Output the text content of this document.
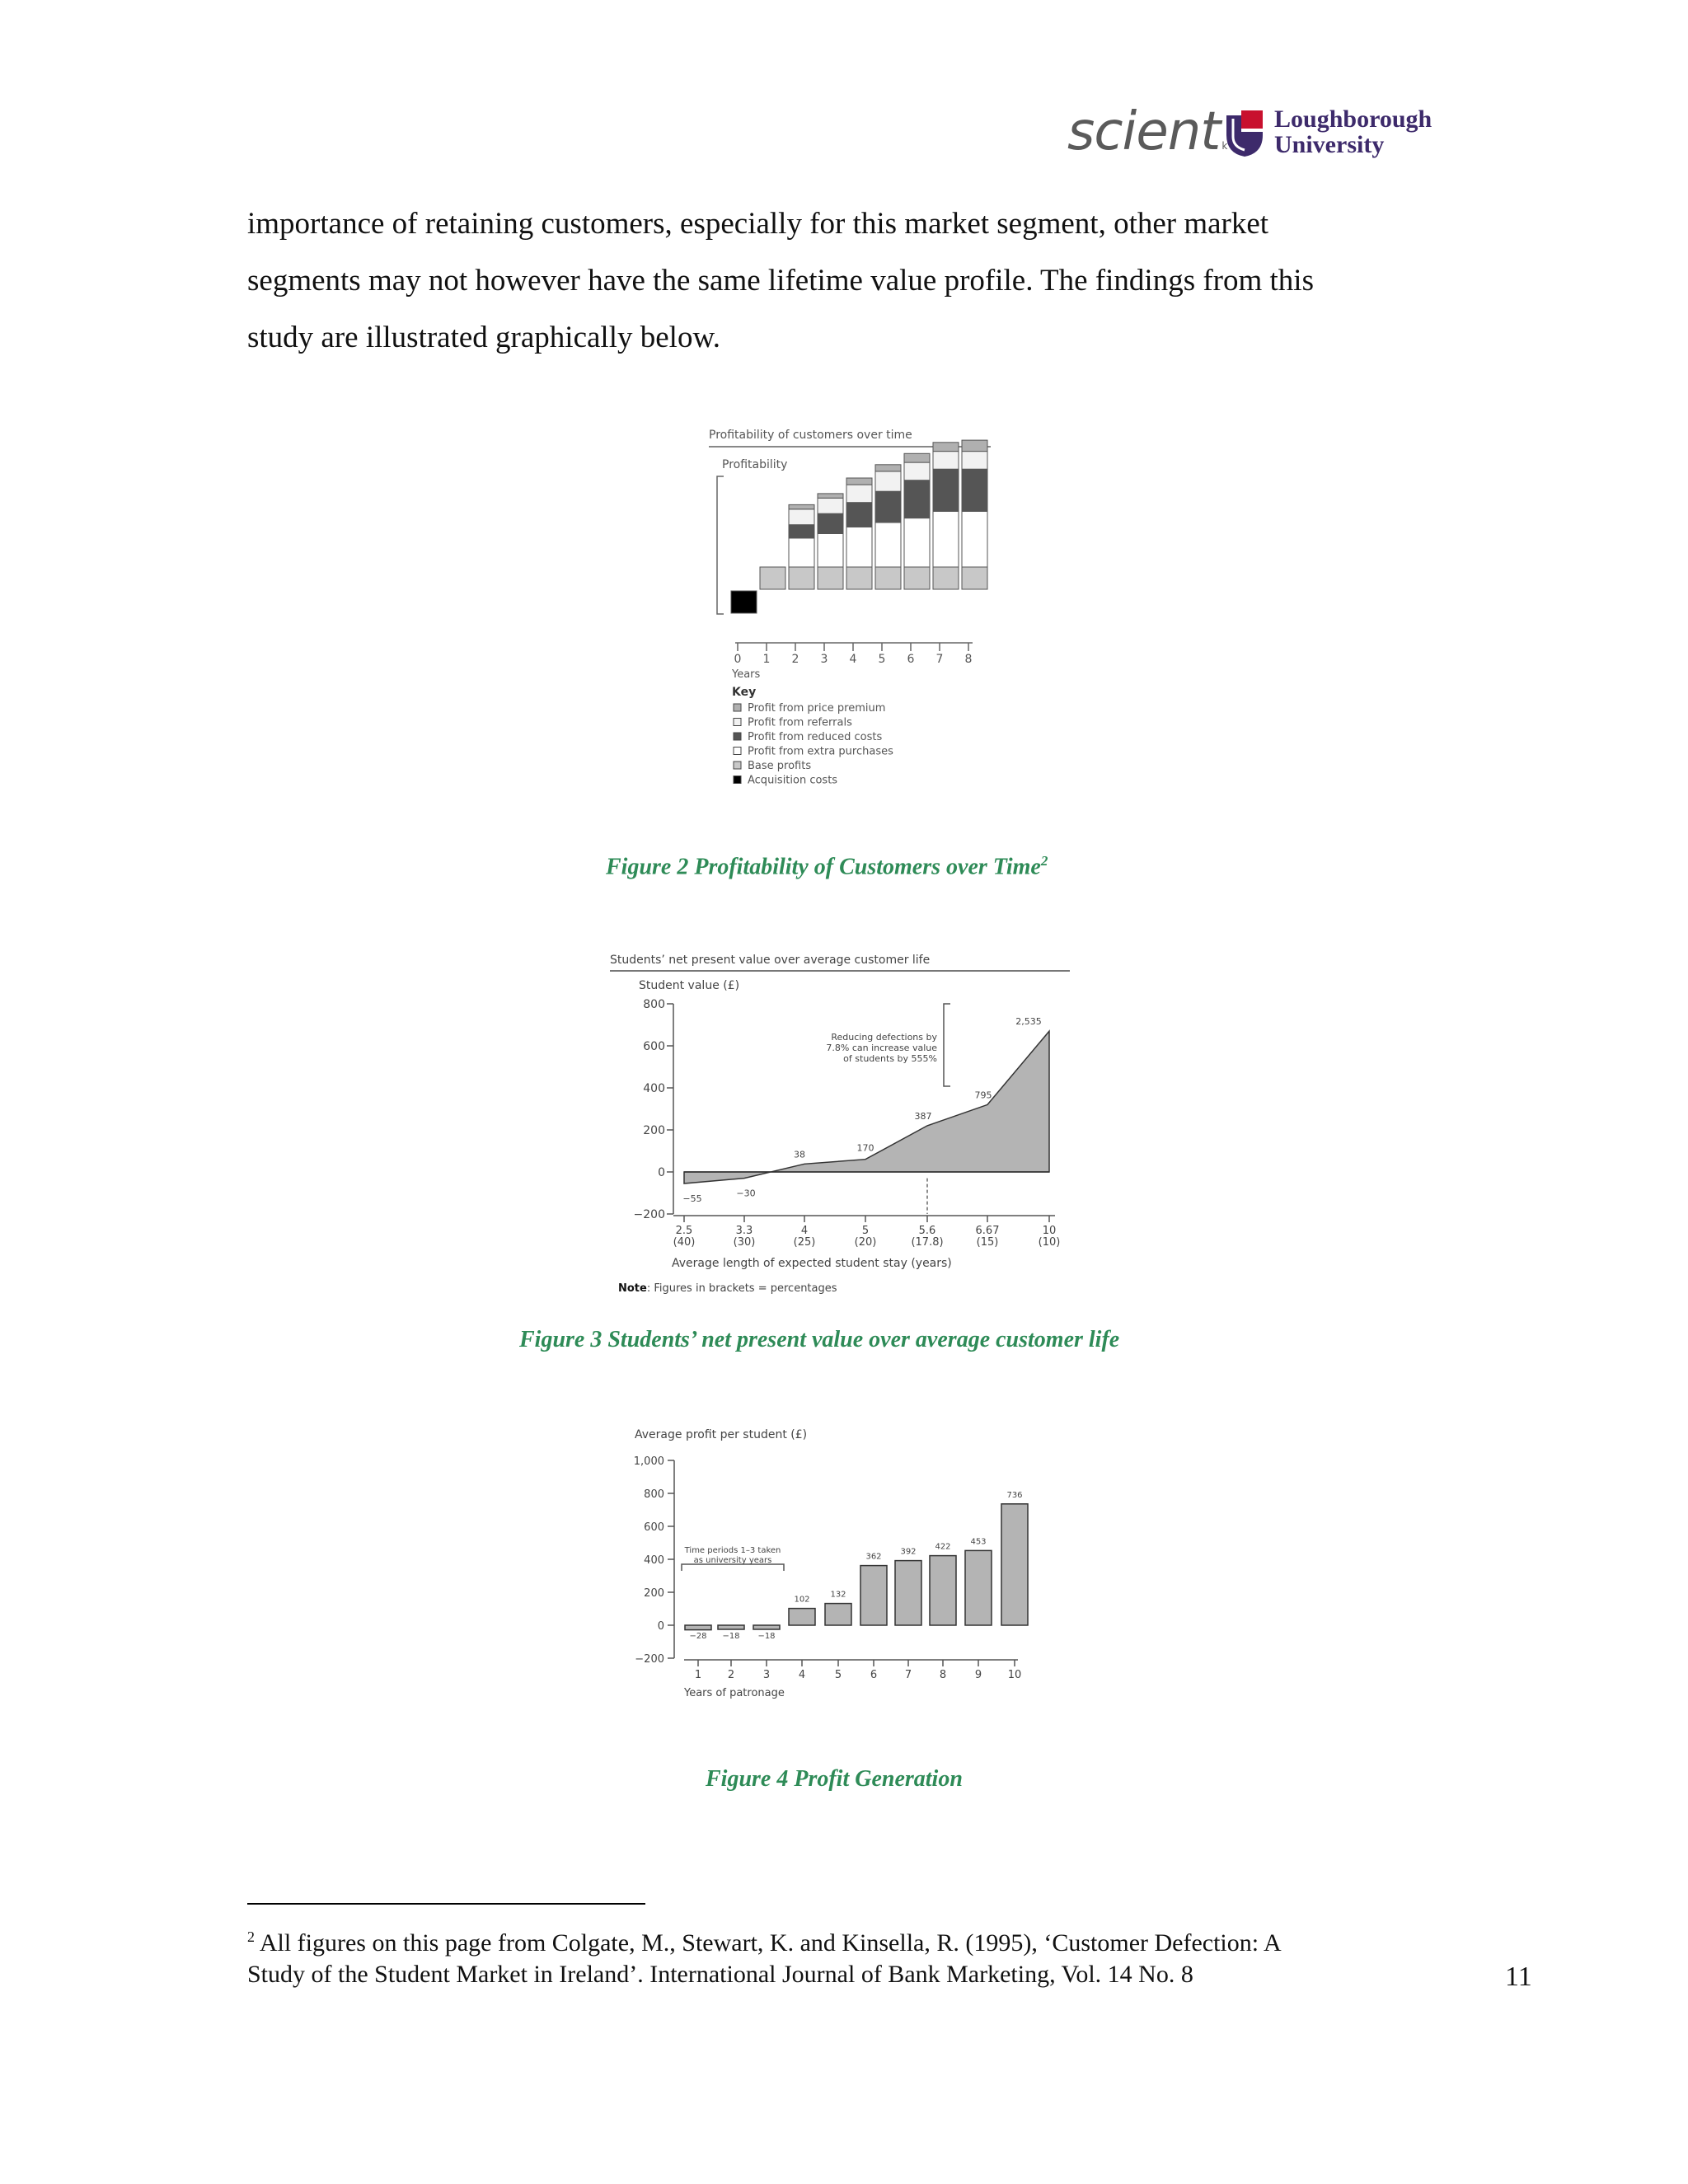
scient k
Loughborough
University

importance of retaining customers, especially for this market segment, other market

segments may not however have the same lifetime value profile. The findings from this

study are illustrated graphically below.

Profitability of customers over time
Profitability
0 1 2 3 4 5 6 7 8
Years
Key
Profit from price premium
Profit from referrals
Profit from reduced costs
Profit from extra purchases
Base profits
Acquisition costs
Figure 2 Profitability of Customers over Time$^2$
Students’ net present value over average customer life
Student value (£)
800
600
400
200
0
−200
−55	−30
38
170
387
795
2,535
Reducing defections by
7.8% can increase value
of students by 555%
2.5
(40)
3.3
(30)
4
(25)
5
(20)
5.6
(17.8)
6.67
(15)
10
(10)
Average length of expected student stay (years)
Note: Figures in brackets = percentages
Figure 3 Students’ net present value over average customer life
Average profit per student (£)
1,000
800
600
400
200
0
−200
−28 −18 −18
102
132
362
392
422
453
736
Time periods 1–3 taken
as university years
1 2	3	4	5	6	7	8	9 10
Years of patronage
Figure 4 Profit Generation
$^2$ All figures on this page from Colgate, M., Stewart, K. and Kinsella, R. (1995), ‘Customer Defection: A
Study of the Student Market in Ireland’. International Journal of Bank Marketing, Vol. 14 No. 8	11
